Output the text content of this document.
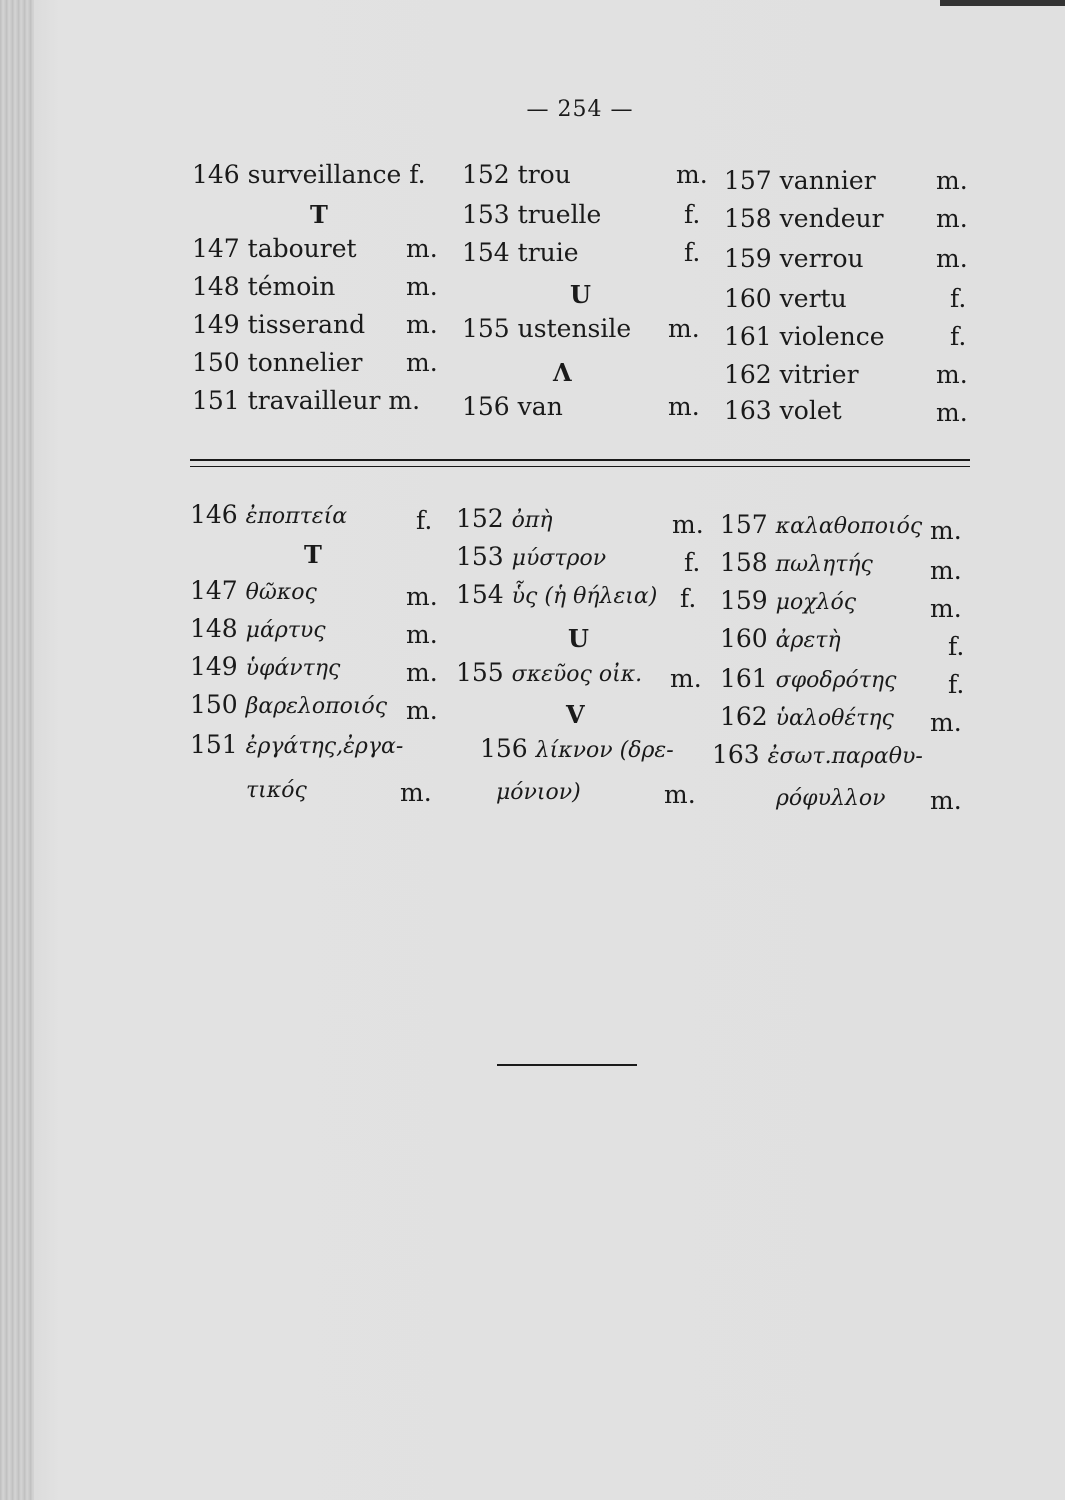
— 254 —
146 surveillance f.
T
147 tabouret m.
148 témoin	m.
149 tisserand m.
150 tonnelier m.
151 travailleur m.
152 trou	m.
153 truelle	f.
154 truie	f.
U
155 ustensile m.
Λ
156 van	m.
157 vannier m.
158 vendeur m.
159 verrou	m.
160 vertu	f.
161 violence	f.
162 vitrier	m.
163 volet	m.
146 ἐποπτεία	f.
T
147 θῶκος	m.
148 μάρτυς	m.
149 ὑφάντης	m.
150 βαρελοποιός m.
151 ἐργάτης,ἐργα-
τικός	m.
152 ὀπὴ	m.
153 μύστρον	f.
154 ὗς (ἡ θήλεια) f.
U
155 σκεῦος οἰκ. m.
V
156 λίκνον (δρε-
μόνιον)	m.
157 καλαθοποιός m.
158 πωλητής m.
159 μοχλός	m.
160 ἀρετὴ	f.
161 σφοδρότης f.
162 ὑαλοθέτης m.
163 ἐσωτ.παραθυ-
ρόφυλλον m.
